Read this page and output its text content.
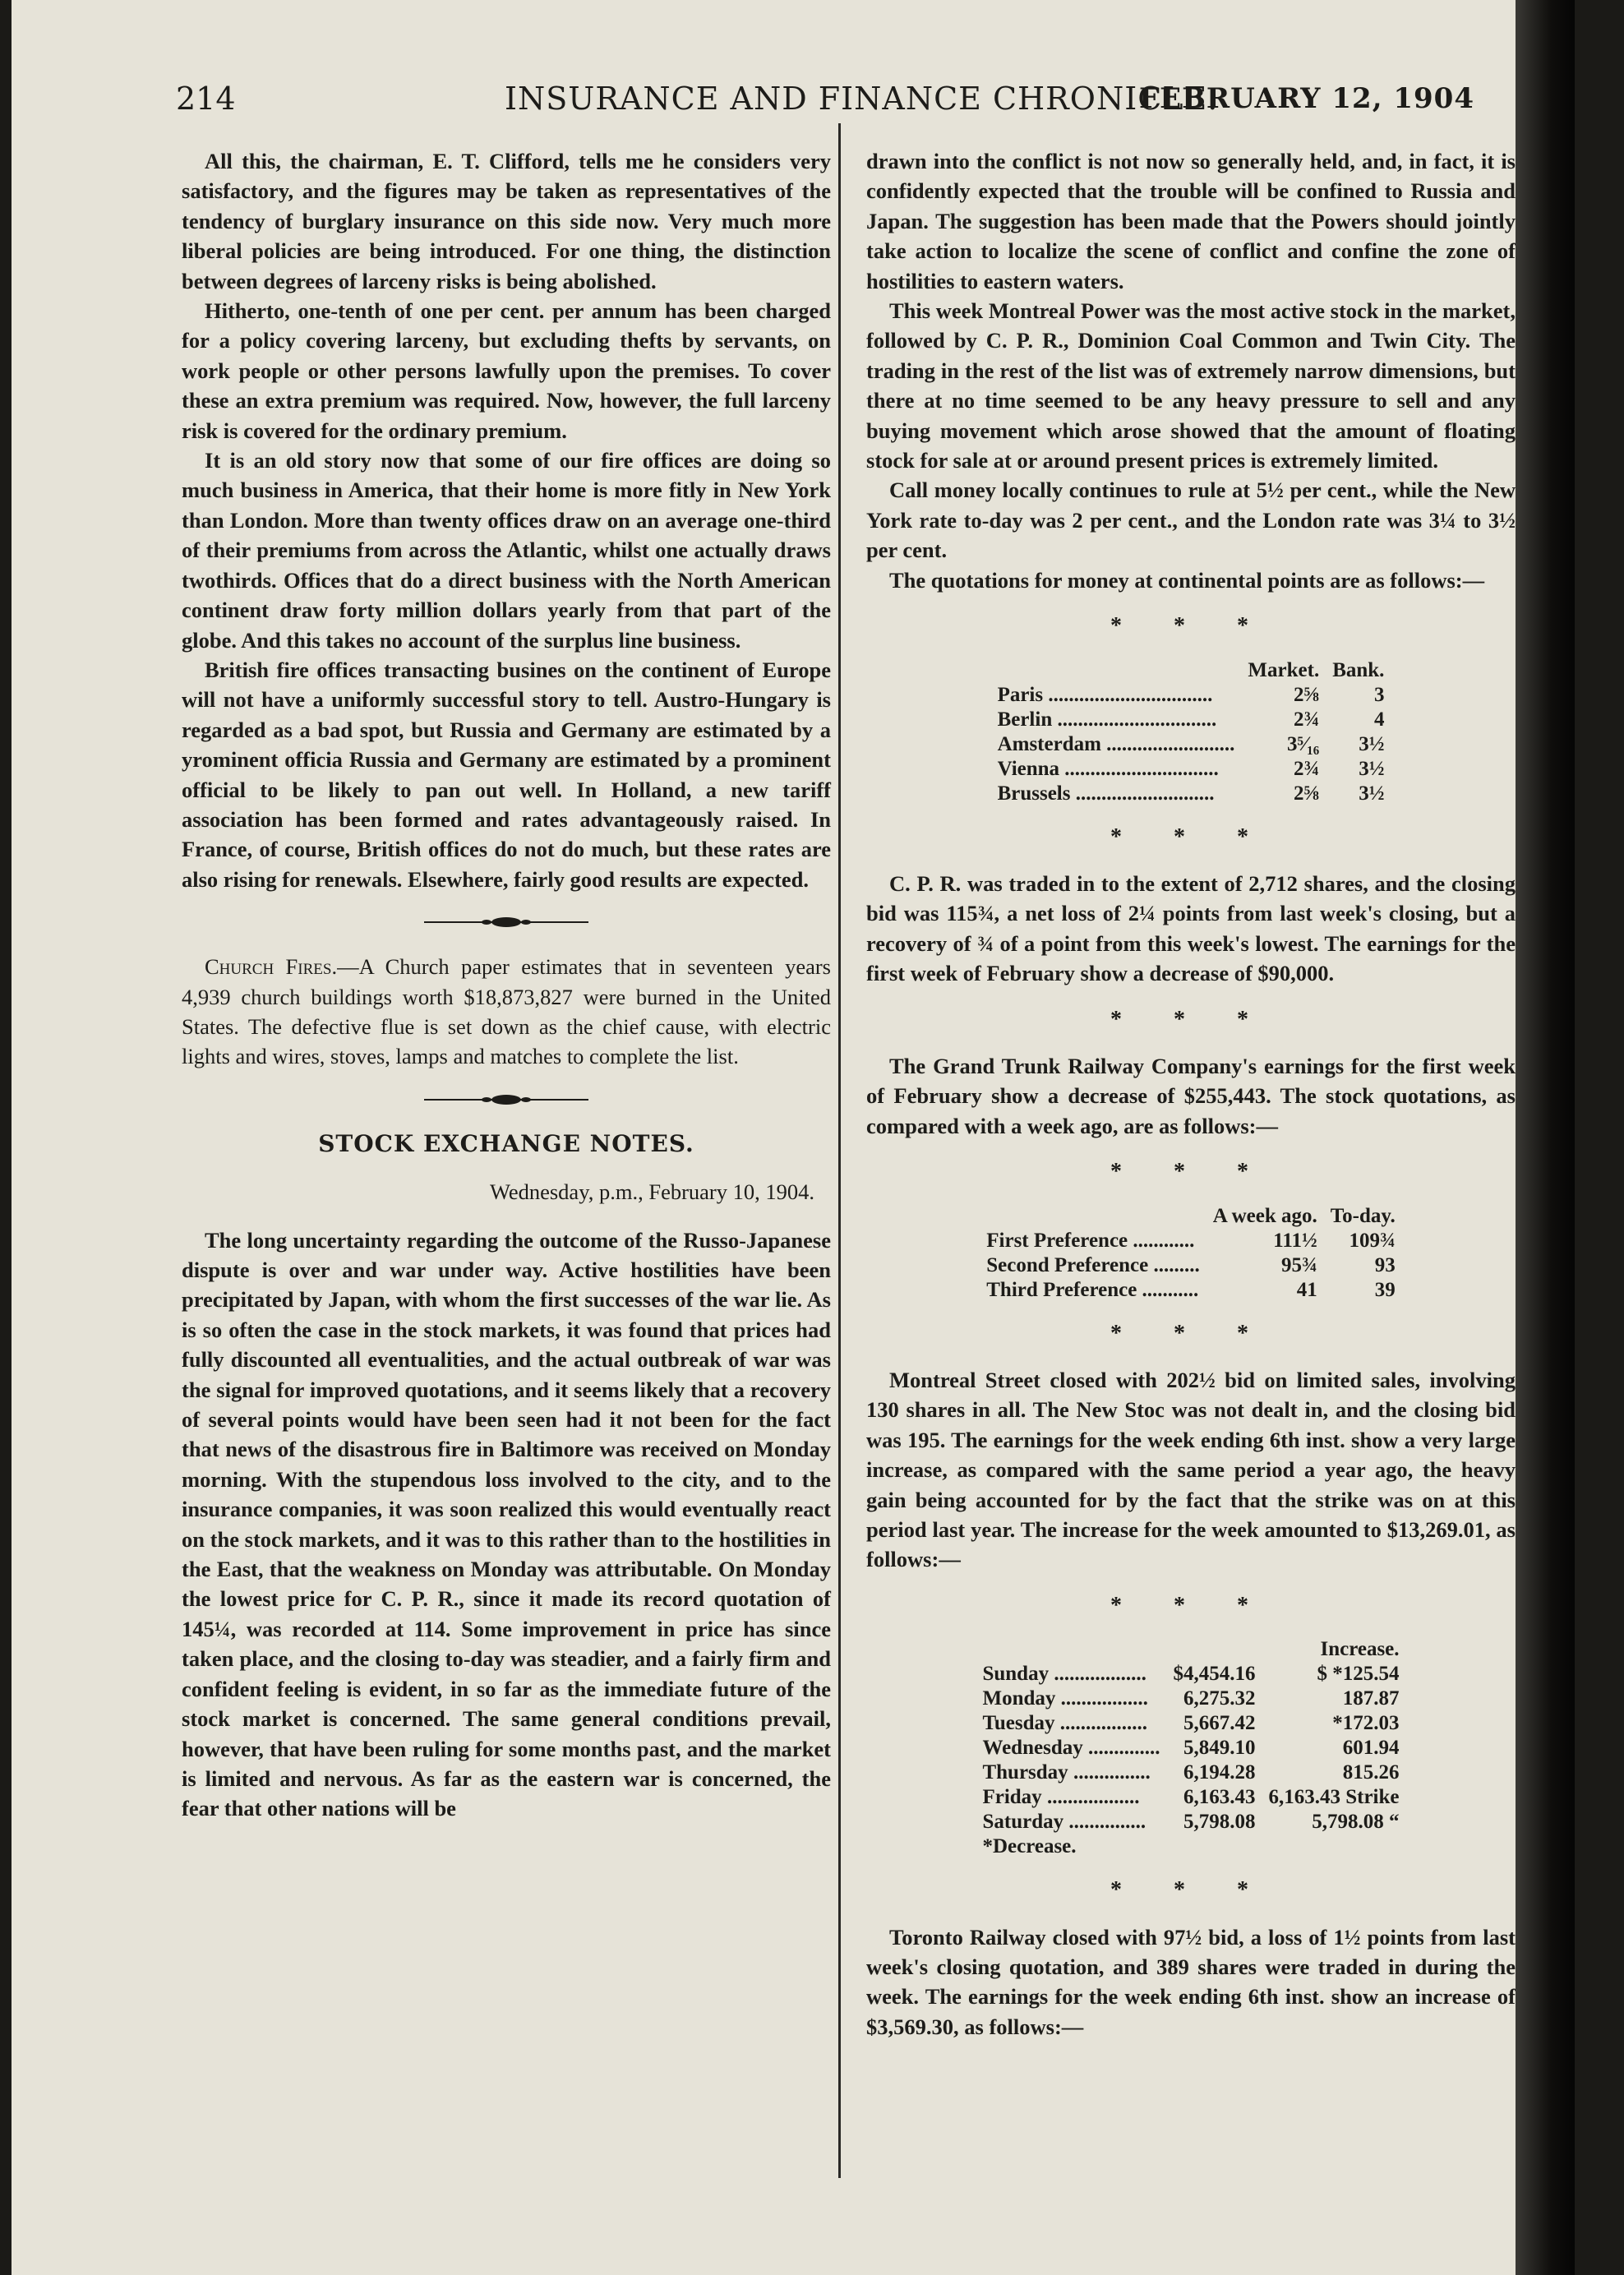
214	INSURANCE AND FINANCE CHRONICLE.
FEBRUARY 12, 1904

All this, the chairman, E. T. Clifford, tells me he considers very satisfactory, and the figures may be taken as representatives of the tendency of burglary insurance on this side now. Very much more liberal policies are being introduced. For one thing, the distinction between degrees of larceny risks is being abolished.

Hitherto, one-tenth of one per cent. per annum has been charged for a policy covering larceny, but excluding thefts by servants, on work people or other persons lawfully upon the premises. To cover these an extra premium was required. Now, however, the full larceny risk is covered for the ordinary premium.

It is an old story now that some of our fire offices are doing so much business in America, that their home is more fitly in New York than London. More than twenty offices draw on an average one-third of their premiums from across the Atlantic, whilst one actually draws twothirds. Offices that do a direct business with the North American continent draw forty million dollars yearly from that part of the globe. And this takes no account of the surplus line business.

British fire offices transacting busines on the continent of Europe will not have a uniformly successful story to tell. Austro-Hungary is regarded as a bad spot, but Russia and Germany are estimated by a yrominent officia Russia and Germany are estimated by a prominent official to be likely to pan out well. In Holland, a new tariff association has been formed and rates advantageously raised. In France, of course, British offices do not do much, but these rates are also rising for renewals. Elsewhere, fairly good results are expected.

Church Fires.—A Church paper estimates that in seventeen years 4,939 church buildings worth $18,873,827 were burned in the United States. The defective flue is set down as the chief cause, with electric lights and wires, stoves, lamps and matches to complete the list.

STOCK EXCHANGE NOTES.
Wednesday, p.m., February 10, 1904.

The long uncertainty regarding the outcome of the Russo-Japanese dispute is over and war under way. Active hostilities have been precipitated by Japan, with whom the first successes of the war lie. As is so often the case in the stock markets, it was found that prices had fully discounted all eventualities, and the actual outbreak of war was the signal for improved quotations, and it seems likely that a recovery of several points would have been seen had it not been for the fact that news of the disastrous fire in Baltimore was received on Monday morning. With the stupendous loss involved to the city, and to the insurance companies, it was soon realized this would eventually react on the stock markets, and it was to this rather than to the hostilities in the East, that the weakness on Monday was attributable. On Monday the lowest price for C. P. R., since it made its record quotation of 145¼, was recorded at 114. Some improvement in price has since taken place, and the closing to-day was steadier, and a fairly firm and confident feeling is evident, in so far as the immediate future of the stock market is concerned. The same general conditions prevail, however, that have been ruling for some months past, and the market is limited and nervous. As far as the eastern war is concerned, the fear that other nations will be

drawn into the conflict is not now so generally held, and, in fact, it is confidently expected that the trouble will be confined to Russia and Japan. The suggestion has been made that the Powers should jointly take action to localize the scene of conflict and confine the zone of hostilities to eastern waters.

This week Montreal Power was the most active stock in the market, followed by C. P. R., Dominion Coal Common and Twin City. The trading in the rest of the list was of extremely narrow dimensions, but there at no time seemed to be any heavy pressure to sell and any buying movement which arose showed that the amount of floating stock for sale at or around present prices is extremely limited.

Call money locally continues to rule at 5½ per cent., while the New York rate to-day was 2 per cent., and the London rate was 3¼ to 3½ per cent.

The quotations for money at continental points are as follows:—

* * *
	Market.	Bank.
Paris ................................	2⅝	3
Berlin ...............................	2¾	4
Amsterdam .........................	3⁵⁄₁₆	3½
Vienna ..............................	2¾	3½
Brussels ...........................	2⅝	3½
* * *

C. P. R. was traded in to the extent of 2,712 shares, and the closing bid was 115¾, a net loss of 2¼ points from last week's closing, but a recovery of ¾ of a point from this week's lowest. The earnings for the first week of February show a decrease of $90,000.

* * *

The Grand Trunk Railway Company's earnings for the first week of February show a decrease of $255,443. The stock quotations, as compared with a week ago, are as follows:—

* * *
	A week ago.	To-day.
First Preference ............	111½	109¾
Second Preference .........	95¾	93
Third Preference ...........	41	39
* * *

Montreal Street closed with 202½ bid on limited sales, involving 130 shares in all. The New Stoc was not dealt in, and the closing bid was 195. The earnings for the week ending 6th inst. show a very large increase, as compared with the same period a year ago, the heavy gain being accounted for by the fact that the strike was on at this period last year. The increase for the week amounted to $13,269.01, as follows:—

* * *
		Increase.
Sunday ..................	$4,454.16	$ *125.54
Monday .................	6,275.32	187.87
Tuesday .................	5,667.42	*172.03
Wednesday ..............	5,849.10	601.94
Thursday ...............	6,194.28	815.26
Friday ..................	6,163.43	6,163.43 Strike
Saturday ...............	5,798.08	5,798.08 “
*Decrease.		
* * *

Toronto Railway closed with 97½ bid, a loss of 1½ points from last week's closing quotation, and 389 shares were traded in during the week. The earnings for the week ending 6th inst. show an increase of $3,569.30, as follows:—
